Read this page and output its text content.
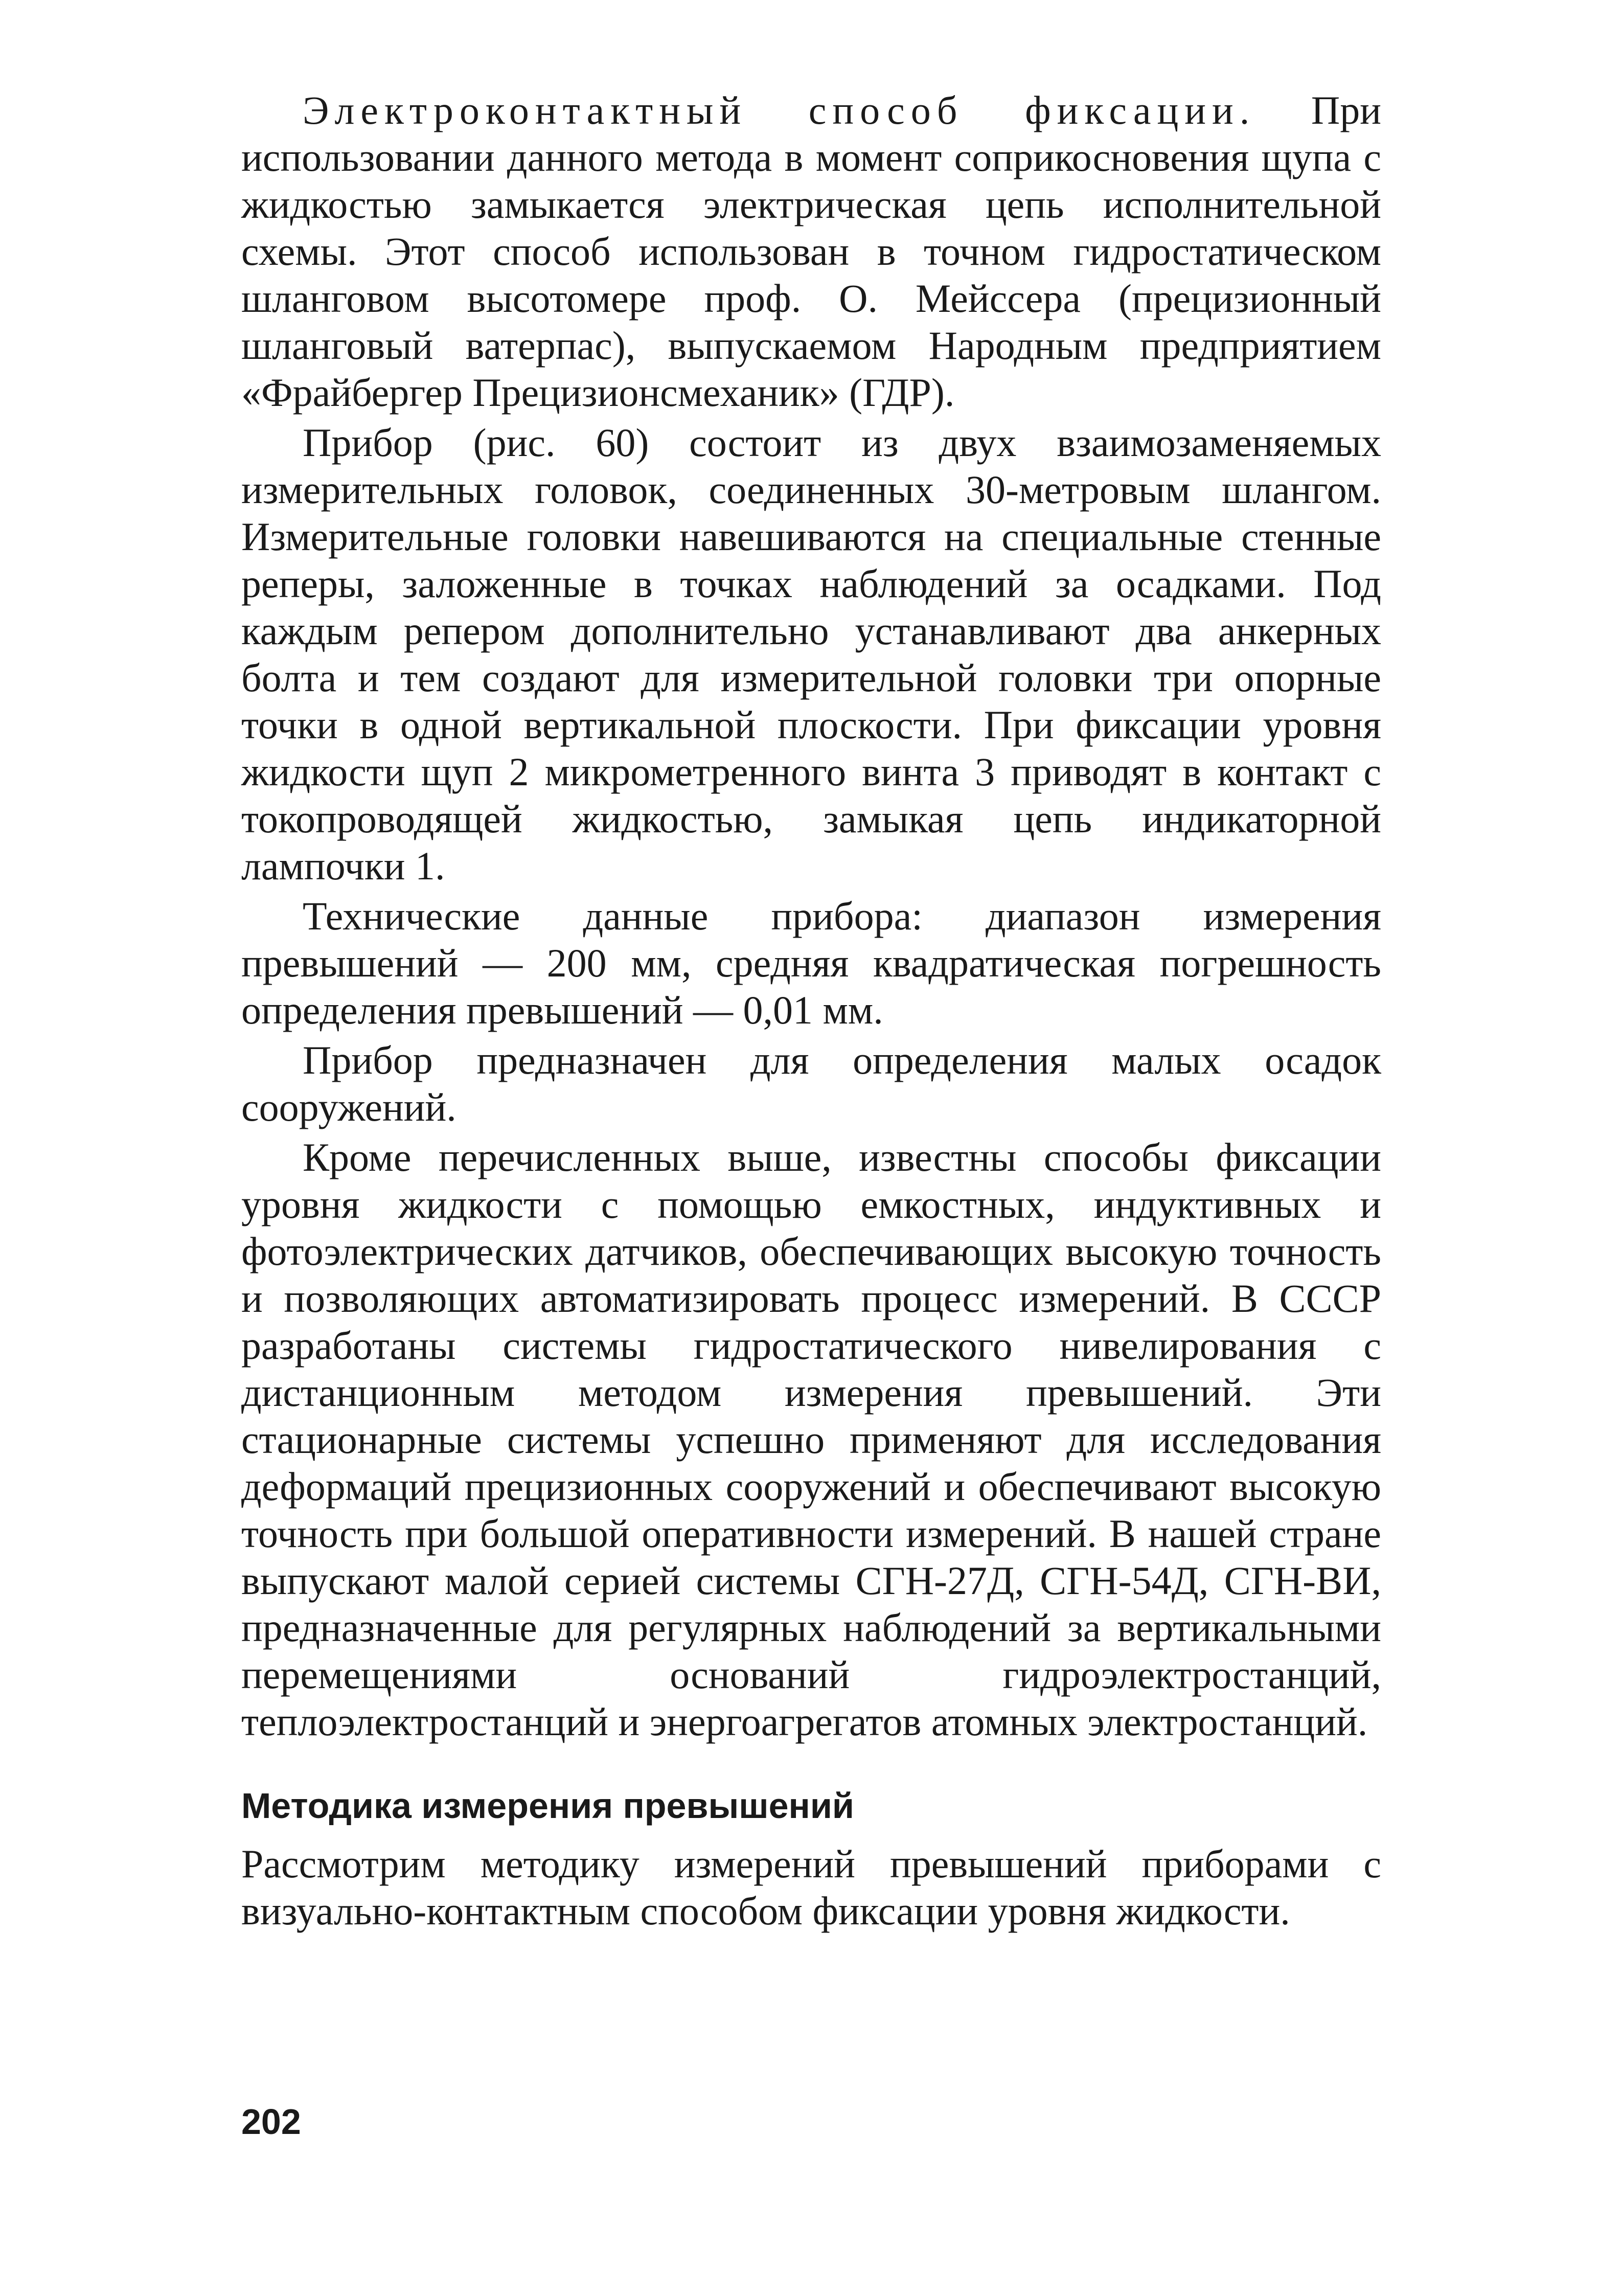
Электроконтактный способ фиксации. При использовании данного метода в момент соприкосновения щупа с жидкостью замыкается электрическая цепь исполнительной схемы. Этот способ использован в точном гидростатическом шланговом высотомере проф. О. Мейссера (прецизионный шланговый ватерпас), выпускаемом Народным предприятием «Фрайбергер Прецизионсмеханик» (ГДР).

Прибор (рис. 60) состоит из двух взаимозаменяемых измерительных головок, соединенных 30-метровым шлангом. Измерительные головки навешиваются на специальные стенные реперы, заложенные в точках наблюдений за осадками. Под каждым репером дополнительно устанавливают два анкерных болта и тем создают для измерительной головки три опорные точки в одной вертикальной плоскости. При фиксации уровня жидкости щуп 2 микрометренного винта 3 приводят в контакт с токопроводящей жидкостью, замыкая цепь индикаторной лампочки 1.

Технические данные прибора: диапазон измерения превышений — 200 мм, средняя квадратическая погрешность определения превышений — 0,01 мм.

Прибор предназначен для определения малых осадок сооружений.

Кроме перечисленных выше, известны способы фиксации уровня жидкости с помощью емкостных, индуктивных и фотоэлектрических датчиков, обеспечивающих высокую точность и позволяющих автоматизировать процесс измерений. В СССР разработаны системы гидростатического нивелирования с дистанционным методом измерения превышений. Эти стационарные системы успешно применяют для исследования деформаций прецизионных сооружений и обеспечивают высокую точность при большой оперативности измерений. В нашей стране выпускают малой серией системы СГН-27Д, СГН-54Д, СГН-ВИ, предназначенные для регулярных наблюдений за вертикальными перемещениями оснований гидроэлектростанций, теплоэлектростанций и энергоагрегатов атомных электростанций.

Методика измерения превышений

Рассмотрим методику измерений превышений приборами с визуально-контактным способом фиксации уровня жидкости.

202
